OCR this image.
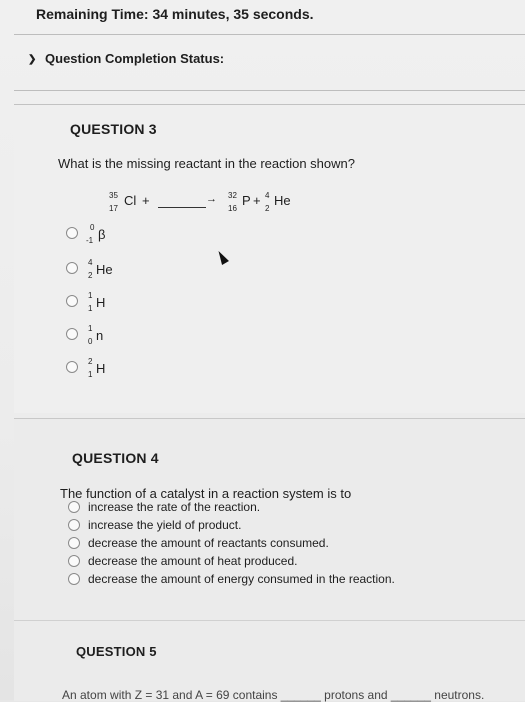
Remaining Time: 34 minutes, 35 seconds.
❯ Question Completion Status:
QUESTION 3
What is the missing reactant in the reaction shown?
35
17
Cl +	→ 32
16
P + 4
2
He
0
-1 β
4
2 He
1
1 H
1
0 n
2
1 H
QUESTION 4
The function of a catalyst in a reaction system is to
increase the rate of the reaction.
increase the yield of product.
decrease the amount of reactants consumed.
decrease the amount of heat produced.
decrease the amount of energy consumed in the reaction.
QUESTION 5
An atom with Z = 31 and A = 69 contains ______ protons and ______ neutrons.
